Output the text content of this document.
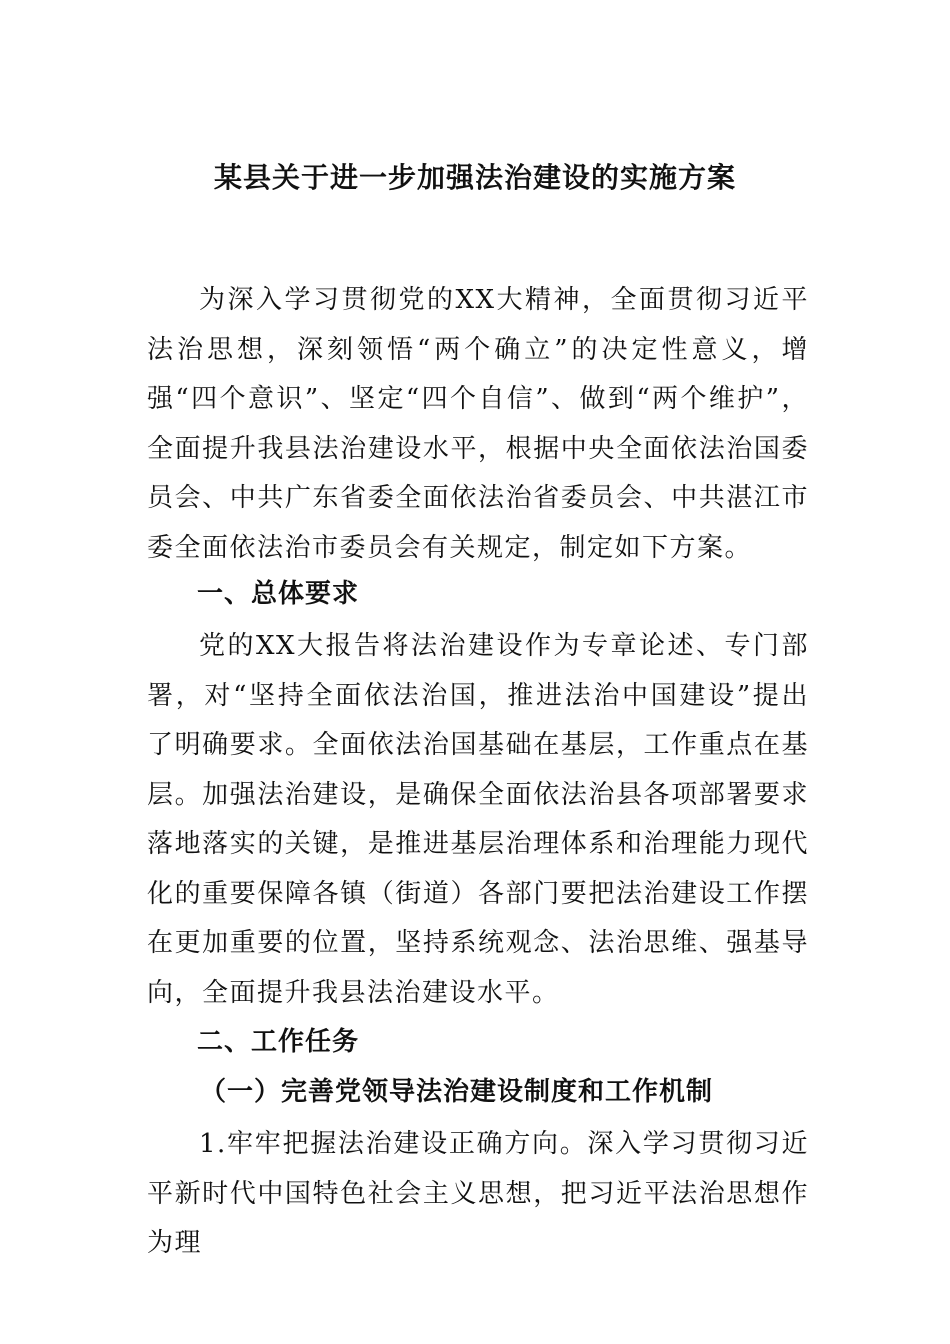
某县关于进一步加强法治建设的实施方案

为深入学习贯彻党的XX大精神，全面贯彻习近平法治思想，深刻领悟“两个确立”的决定性意义，增强“四个意识”、坚定“四个自信”、做到“两个维护”，全面提升我县法治建设水平，根据中央全面依法治国委员会、中共广东省委全面依法治省委员会、中共湛江市委全面依法治市委员会有关规定，制定如下方案。

一、总体要求

党的XX大报告将法治建设作为专章论述、专门部署，对“坚持全面依法治国，推进法治中国建设”提出了明确要求。全面依法治国基础在基层，工作重点在基层。加强法治建设，是确保全面依法治县各项部署要求落地落实的关键，是推进基层治理体系和治理能力现代化的重要保障各镇（街道）各部门要把法治建设工作摆在更加重要的位置，坚持系统观念、法治思维、强基导向，全面提升我县法治建设水平。

二、工作任务
（一）完善党领导法治建设制度和工作机制

1.牢牢把握法治建设正确方向。深入学习贯彻习近平新时代中国特色社会主义思想，把习近平法治思想作为理
